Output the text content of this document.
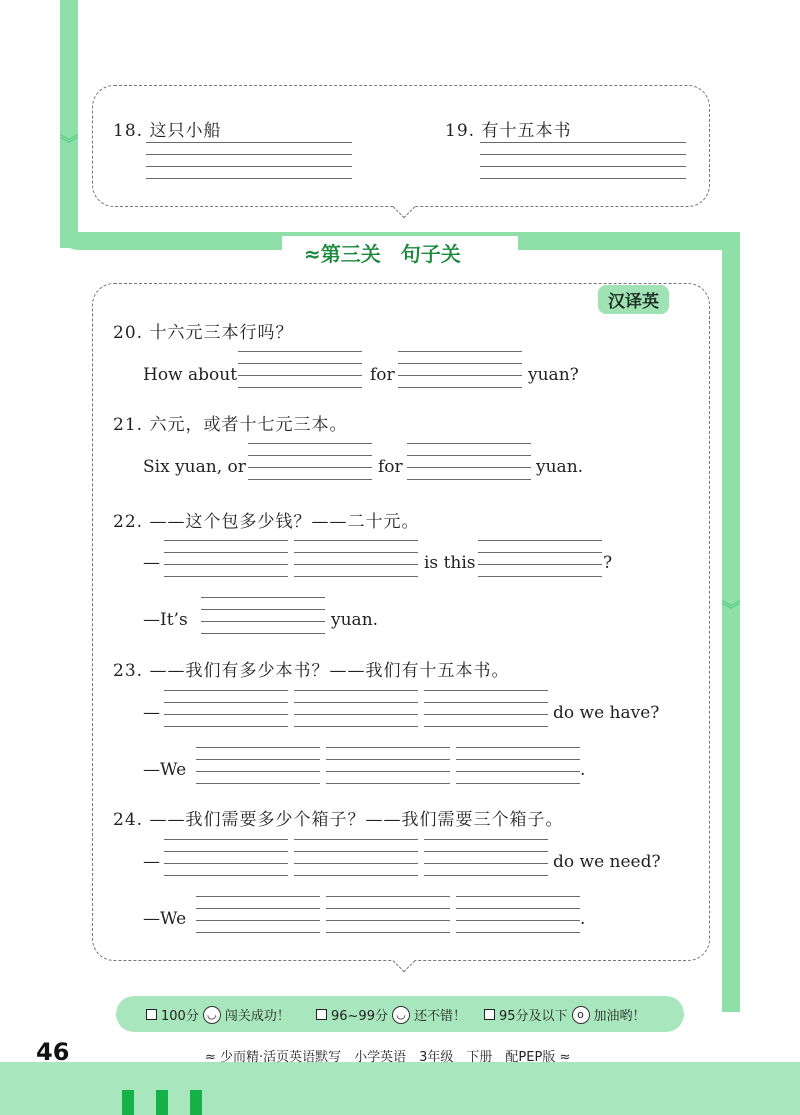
︾
︾
18. 这只小船	19. 有十五本书
≈第三关　句子关
汉译英
20. 十六元三本行吗？
How about	for	yuan?
21. 六元，或者十七元三本。
Six yuan, or	for	yuan.
22. ——这个包多少钱？——二十元。
—	is this	?
—It’s	yuan.
23. ——我们有多少本书？——我们有十五本书。
—	do we have?
—We	.
24. ——我们需要多少个箱子？——我们需要三个箱子。
—	do we need?
—We	.
100分 ◡ 闯关成功！	96~99分 ◡ 还不错！	95分及以下 o 加油哟！
46	≈ 少而精·活页英语默写　小学英语　3年级　下册　配PEP版 ≈
